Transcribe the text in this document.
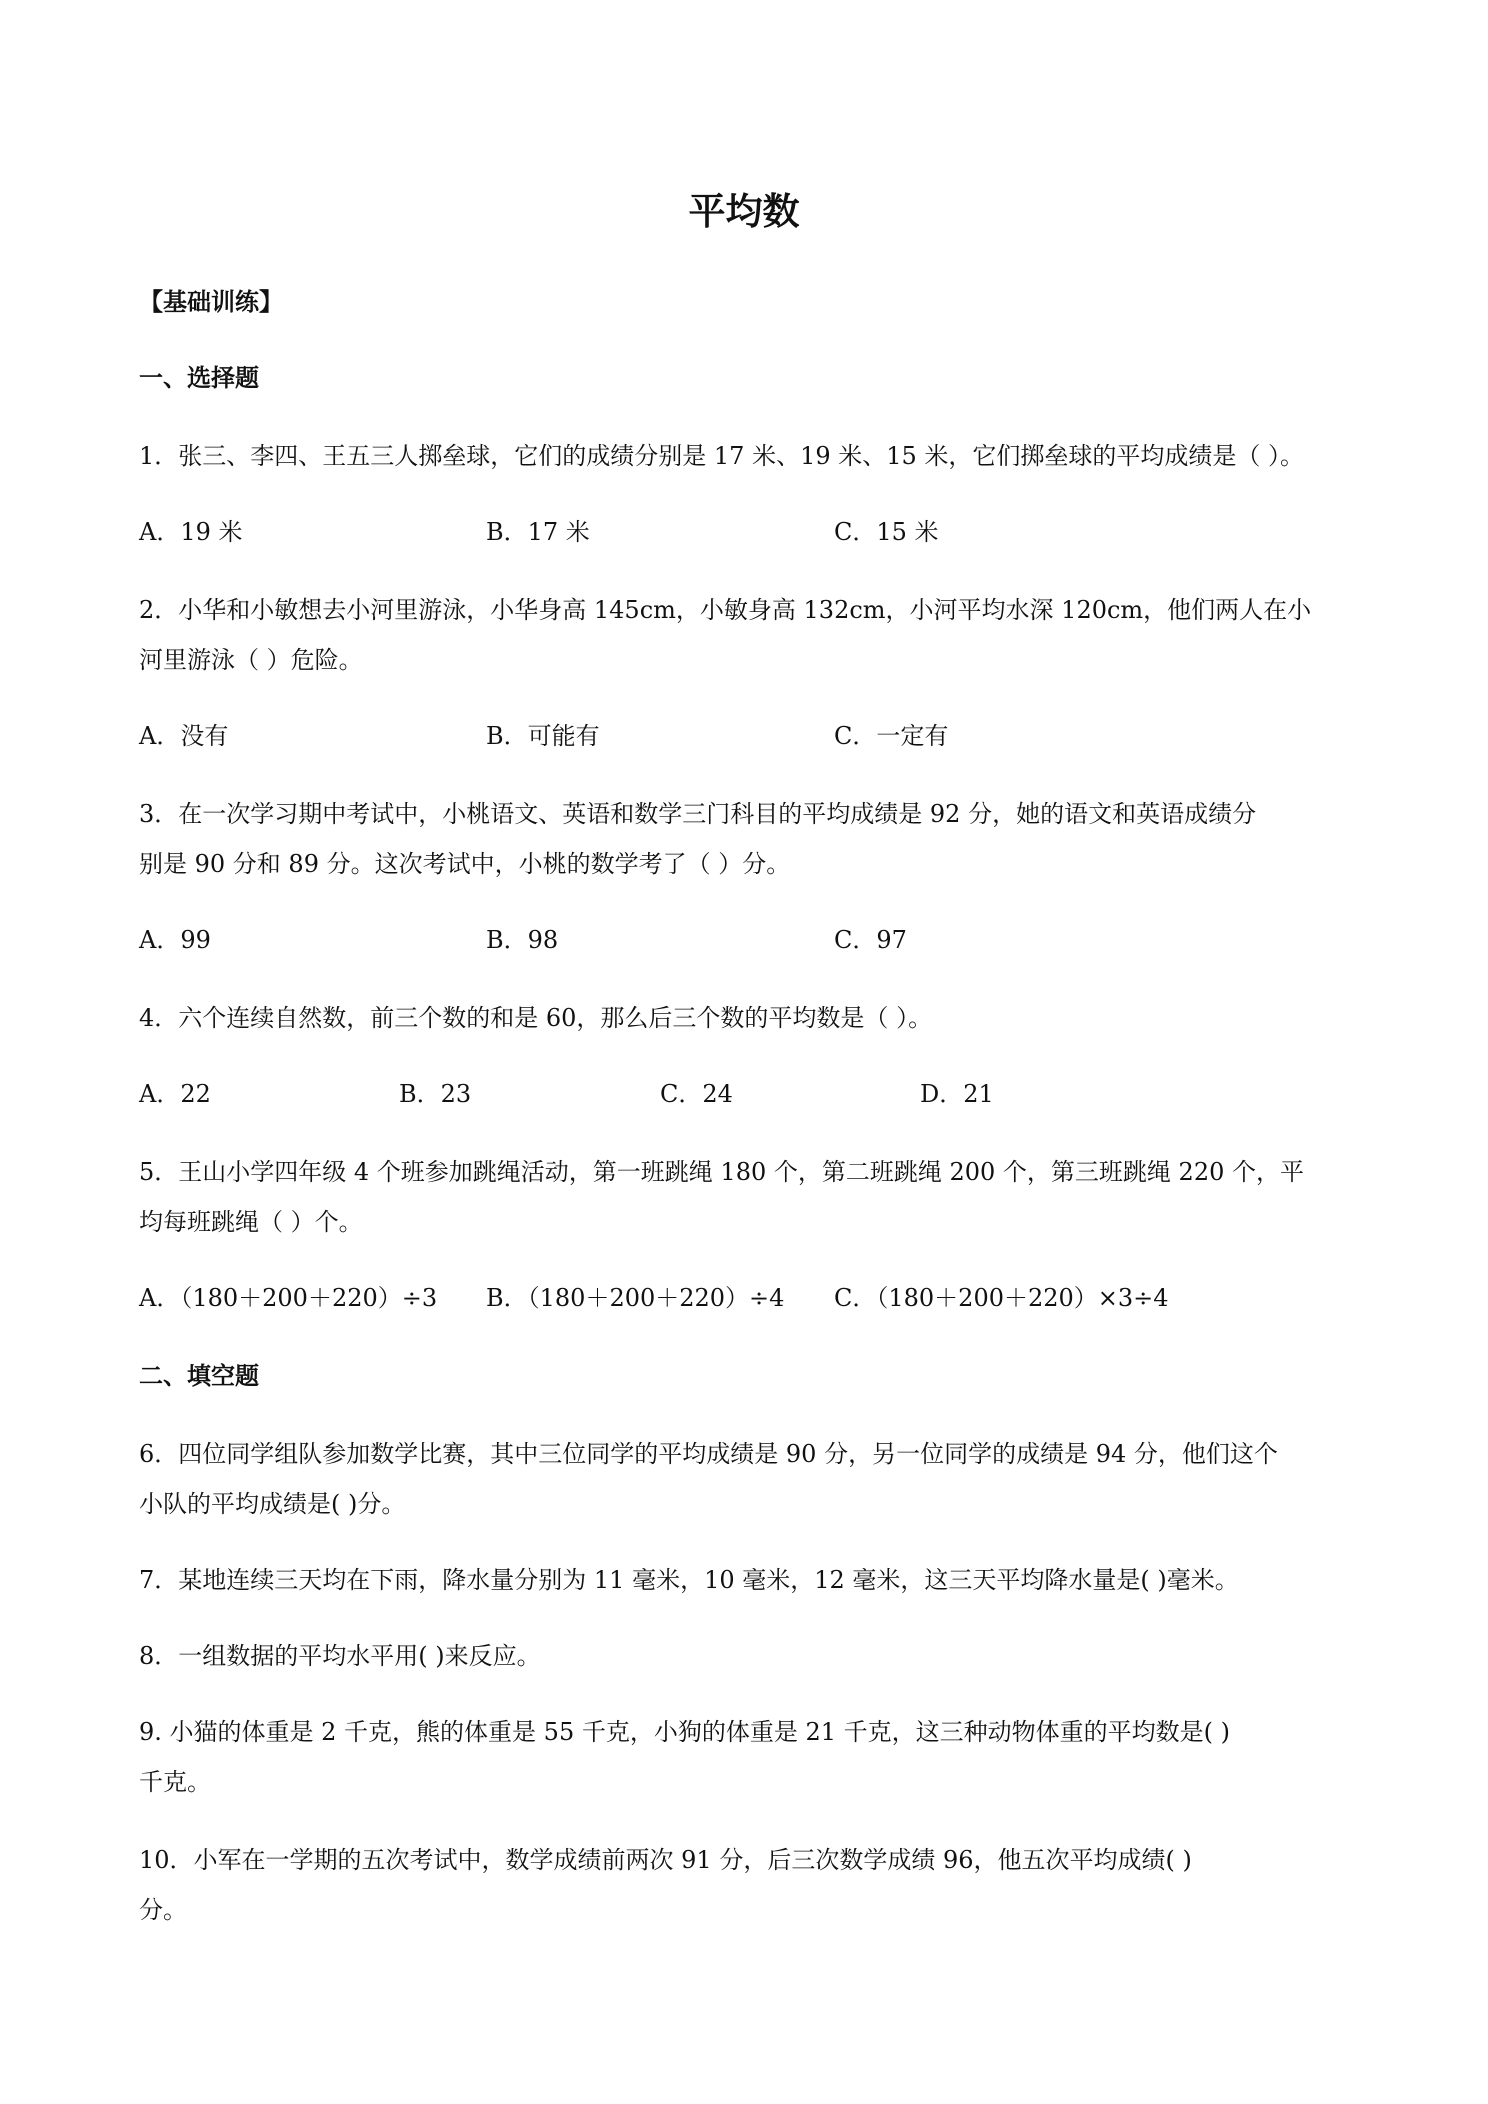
平均数
【基础训练】
一、选择题
1．张三、李四、王五三人掷垒球，它们的成绩分别是 17 米、19 米、15 米，它们掷垒球的平均成绩是（ ）。
A．19 米	B．17 米	C．15 米
2．小华和小敏想去小河里游泳，小华身高 145cm，小敏身高 132cm，小河平均水深 120cm，他们两人在小
河里游泳（ ）危险。
A．没有	B．可能有	C．一定有
3．在一次学习期中考试中，小桃语文、英语和数学三门科目的平均成绩是 92 分，她的语文和英语成绩分
别是 90 分和 89 分。这次考试中，小桃的数学考了（ ）分。
A．99	B．98	C．97
4．六个连续自然数，前三个数的和是 60，那么后三个数的平均数是（ ）。
A．22	B．23	C．24	D．21
5．王山小学四年级 4 个班参加跳绳活动，第一班跳绳 180 个，第二班跳绳 200 个，第三班跳绳 220 个，平
均每班跳绳（ ）个。
A．（180＋200＋220）÷3 B．（180＋200＋220）÷4 C．（180＋200＋220）×3÷4
二、填空题
6．四位同学组队参加数学比赛，其中三位同学的平均成绩是 90 分，另一位同学的成绩是 94 分，他们这个
小队的平均成绩是( )分。
7．某地连续三天均在下雨，降水量分别为 11 毫米，10 毫米，12 毫米，这三天平均降水量是( )毫米。
8．一组数据的平均水平用( )来反应。
9. 小猫的体重是 2 千克，熊的体重是 55 千克，小狗的体重是 21 千克，这三种动物体重的平均数是( )
千克。
10．小军在一学期的五次考试中，数学成绩前两次 91 分，后三次数学成绩 96，他五次平均成绩( )
分。
